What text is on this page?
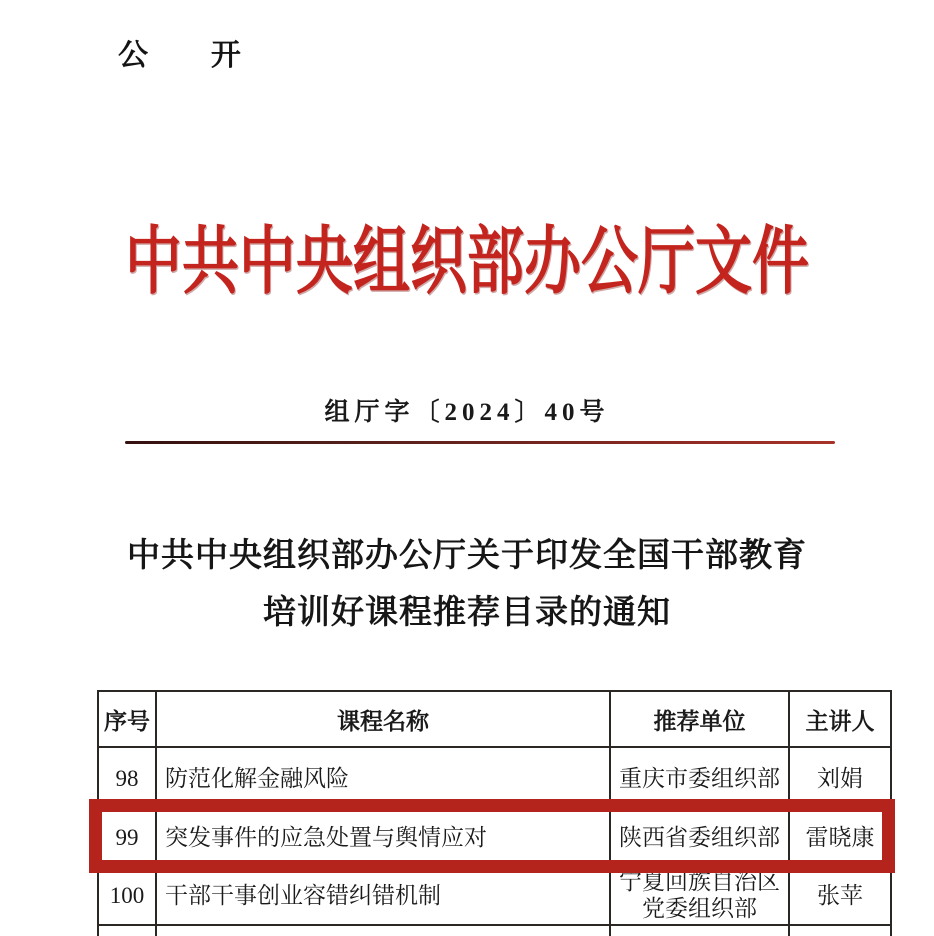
公  开
中共中央组织部办公厅文件
组厅字〔2024〕40号
中共中央组织部办公厅关于印发全国干部教育
培训好课程推荐目录的通知
序号	课程名称	推荐单位	主讲人
98	防范化解金融风险	重庆市委组织部	刘娟
99	突发事件的应急处置与舆情应对	陕西省委组织部	雷晓康
100	干部干事创业容错纠错机制	宁夏回族自治区党委组织部	张苹
